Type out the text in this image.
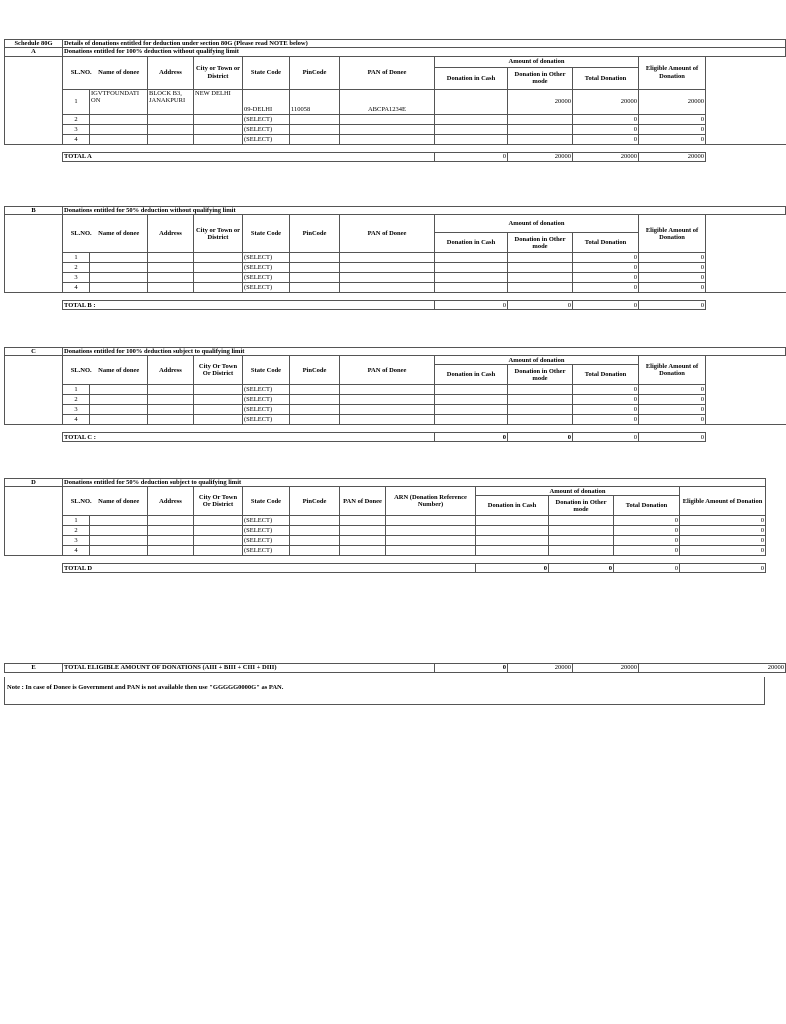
Schedule 80G	Details of donations entitled for deduction under section 80G (Please read NOTE below)											
A	Donations entitled for 100% deduction without qualifying limit											
	SL.NO. Name of donee		Address	City or Town or District	State Code	PinCode	PAN of Donee	Amount of donation			Eligible Amount of Donation	
								Donation in Cash	Donation in Other mode	Total Donation		
	1	IGVTFOUNDATI ON	BLOCK B3, JANAKPURI	NEW DELHI	09-DELHI	110058	ABCPA1234E		20000	20000	20000	
	2				(SELECT)					0	0	
	3				(SELECT)					0	0	
	4				(SELECT)					0	0	

	TOTAL A							0	20000	20000	20000	
B	Donations entitled for 50% deduction without qualifying limit											
	SL.NO. Name of donee		Address	City or Town or District	State Code	PinCode	PAN of Donee	Amount of donation			Eligible Amount of Donation	
								Donation in Cash	Donation in Other mode	Total Donation		
	1				(SELECT)					0	0	
	2				(SELECT)					0	0	
	3				(SELECT)					0	0	
	4				(SELECT)					0	0	

	TOTAL B :							0	0	0	0	
C	Donations entitled for 100% deduction subject to qualifying limit											
	SL.NO. Name of donee		Address	City Or Town Or District	State Code	PinCode	PAN of Donee	Amount of donation			Eligible Amount of Donation	
								Donation in Cash	Donation in Other mode	Total Donation		
	1				(SELECT)					0	0	
	2				(SELECT)					0	0	
	3				(SELECT)					0	0	
	4				(SELECT)					0	0	

	TOTAL C :							0	0	0	0	
D	Donations entitled for 50% deduction subject to qualifying limit											
	SL.NO. Name of donee		Address	City Or Town Or District	State Code	PinCode	PAN of Donee	ARN (Donation Reference Number)	Amount of donation			Eligible Amount of Donation
									Donation in Cash	Donation in Other mode	Total Donation	
	1				(SELECT)						0	0
	2				(SELECT)						0	0
	3				(SELECT)						0	0
	4				(SELECT)						0	0

	TOTAL D								0	0	0	0
E	TOTAL ELIGIBLE AMOUNT OF DONATIONS (AIII + BIII + CIII + DIII)	0	20000	20000	20000
Note : In case of Donee is Government and PAN is not available then use "GGGGG0000G" as PAN.
